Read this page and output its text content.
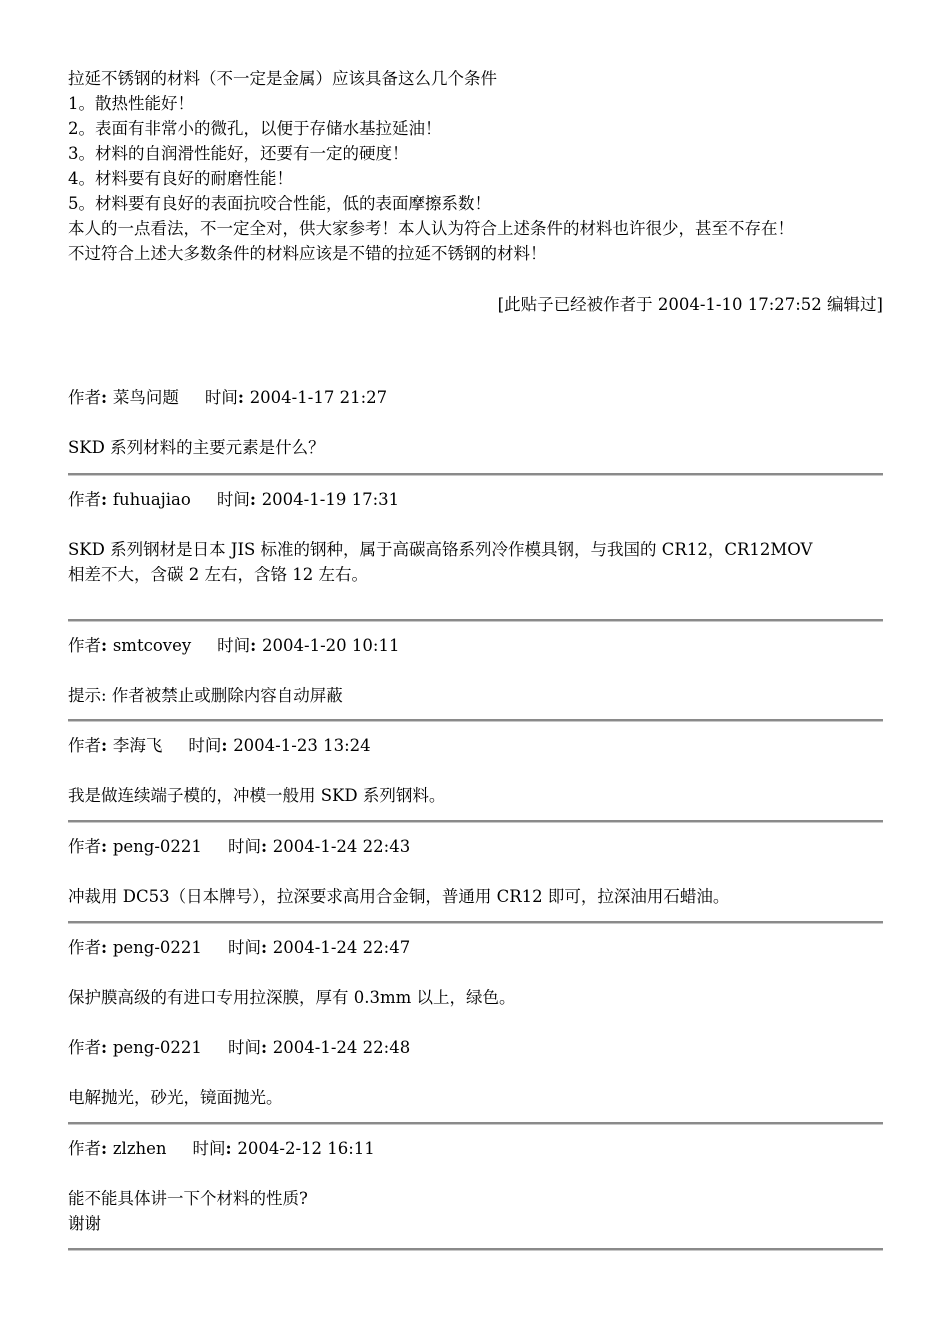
拉延不锈钢的材料（不一定是金属）应该具备这么几个条件
1。散热性能好！
2。表面有非常小的微孔，以便于存储水基拉延油！
3。材料的自润滑性能好，还要有一定的硬度！
4。材料要有良好的耐磨性能！
5。材料要有良好的表面抗咬合性能，低的表面摩擦系数！
本人的一点看法，不一定全对，供大家参考！本人认为符合上述条件的材料也许很少，甚至不存在！
不过符合上述大多数条件的材料应该是不错的拉延不锈钢的材料！
[此贴子已经被作者于 2004-1-10 17:27:52 编辑过]
作者: 菜鸟问题 时间: 2004-1-17 21:27
SKD 系列材料的主要元素是什么？
作者: fuhuajiao 时间: 2004-1-19 17:31
SKD 系列钢材是日本 JIS 标准的钢种，属于高碳高铬系列冷作模具钢，与我国的 CR12，CR12MOV
相差不大，含碳 2 左右，含铬 12 左右。
作者: smtcovey 时间: 2004-1-20 10:11
提示: 作者被禁止或删除内容自动屏蔽
作者: 李海飞 时间: 2004-1-23 13:24
我是做连续端子模的，冲模一般用 SKD 系列钢料。
作者: peng-0221 时间: 2004-1-24 22:43
冲裁用 DC53（日本牌号），拉深要求高用合金铜，普通用 CR12 即可，拉深油用石蜡油。
作者: peng-0221 时间: 2004-1-24 22:47
保护膜高级的有进口专用拉深膜，厚有 0.3mm 以上，绿色。
作者: peng-0221 时间: 2004-1-24 22:48
电解抛光，砂光，镜面抛光。
作者: zlzhen 时间: 2004-2-12 16:11
能不能具体讲一下个材料的性质?
谢谢
